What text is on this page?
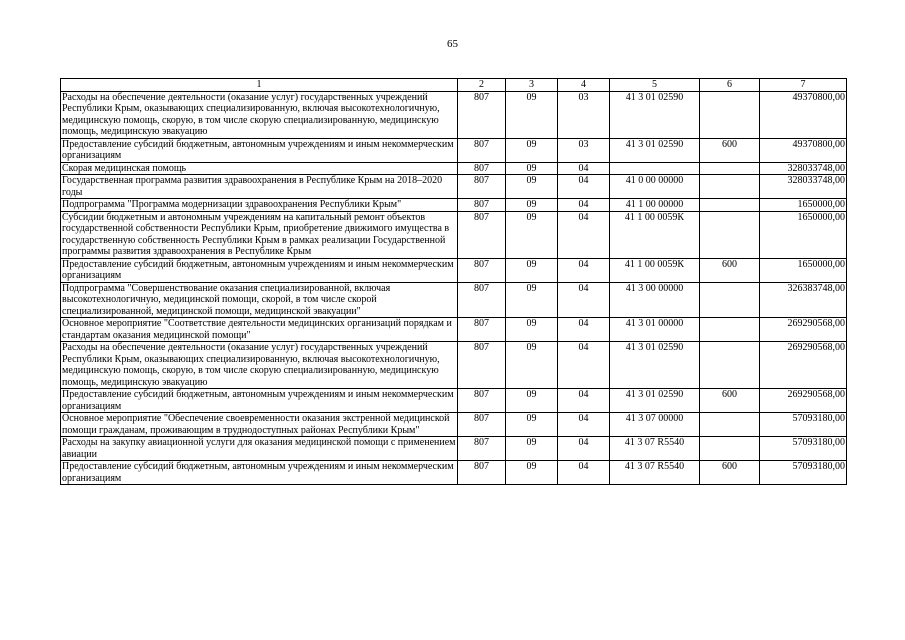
65
1	2	3	4	5	6	7
Расходы на обеспечение деятельности (оказание услуг) государственных учреждений Республики Крым, оказывающих специализированную, включая высокотехнологичную, медицинскую помощь, скорую, в том числе скорую специализированную, медицинскую помощь, медицинскую эвакуацию	807	09	03	41 3 01 02590		49370800,00
Предоставление субсидий бюджетным, автономным учреждениям и иным некоммерческим организациям	807	09	03	41 3 01 02590	600	49370800,00
Скорая медицинская помощь	807	09	04			328033748,00
Государственная программа развития здравоохранения в Республике Крым на 2018–2020 годы	807	09	04	41 0 00 00000		328033748,00
Подпрограмма "Программа модернизации здравоохранения Республики Крым"	807	09	04	41 1 00 00000		1650000,00
Субсидии бюджетным и автономным учреждениям на капитальный ремонт объектов государственной собственности Республики Крым, приобретение движимого имущества в государственную собственность Республики Крым в рамках реализации Государственной программы развития здравоохранения в Республике Крым	807	09	04	41 1 00 0059К		1650000,00
Предоставление субсидий бюджетным, автономным учреждениям и иным некоммерческим организациям	807	09	04	41 1 00 0059К	600	1650000,00
Подпрограмма "Совершенствование оказания специализированной, включая высокотехнологичную, медицинской помощи, скорой, в том числе скорой специализированной, медицинской помощи, медицинской эвакуации"	807	09	04	41 3 00 00000		326383748,00
Основное мероприятие "Соответствие деятельности медицинских организаций порядкам и стандартам оказания медицинской помощи"	807	09	04	41 3 01 00000		269290568,00
Расходы на обеспечение деятельности (оказание услуг) государственных учреждений Республики Крым, оказывающих специализированную, включая высокотехнологичную, медицинскую помощь, скорую, в том числе скорую специализированную, медицинскую помощь, медицинскую эвакуацию	807	09	04	41 3 01 02590		269290568,00
Предоставление субсидий бюджетным, автономным учреждениям и иным некоммерческим организациям	807	09	04	41 3 01 02590	600	269290568,00
Основное мероприятие "Обеспечение своевременности оказания экстренной медицинской помощи гражданам, проживающим в труднодоступных районах Республики Крым"	807	09	04	41 3 07 00000		57093180,00
Расходы на закупку авиационной услуги для оказания медицинской помощи с применением авиации	807	09	04	41 3 07 R5540		57093180,00
Предоставление субсидий бюджетным, автономным учреждениям и иным некоммерческим организациям	807	09	04	41 3 07 R5540	600	57093180,00
